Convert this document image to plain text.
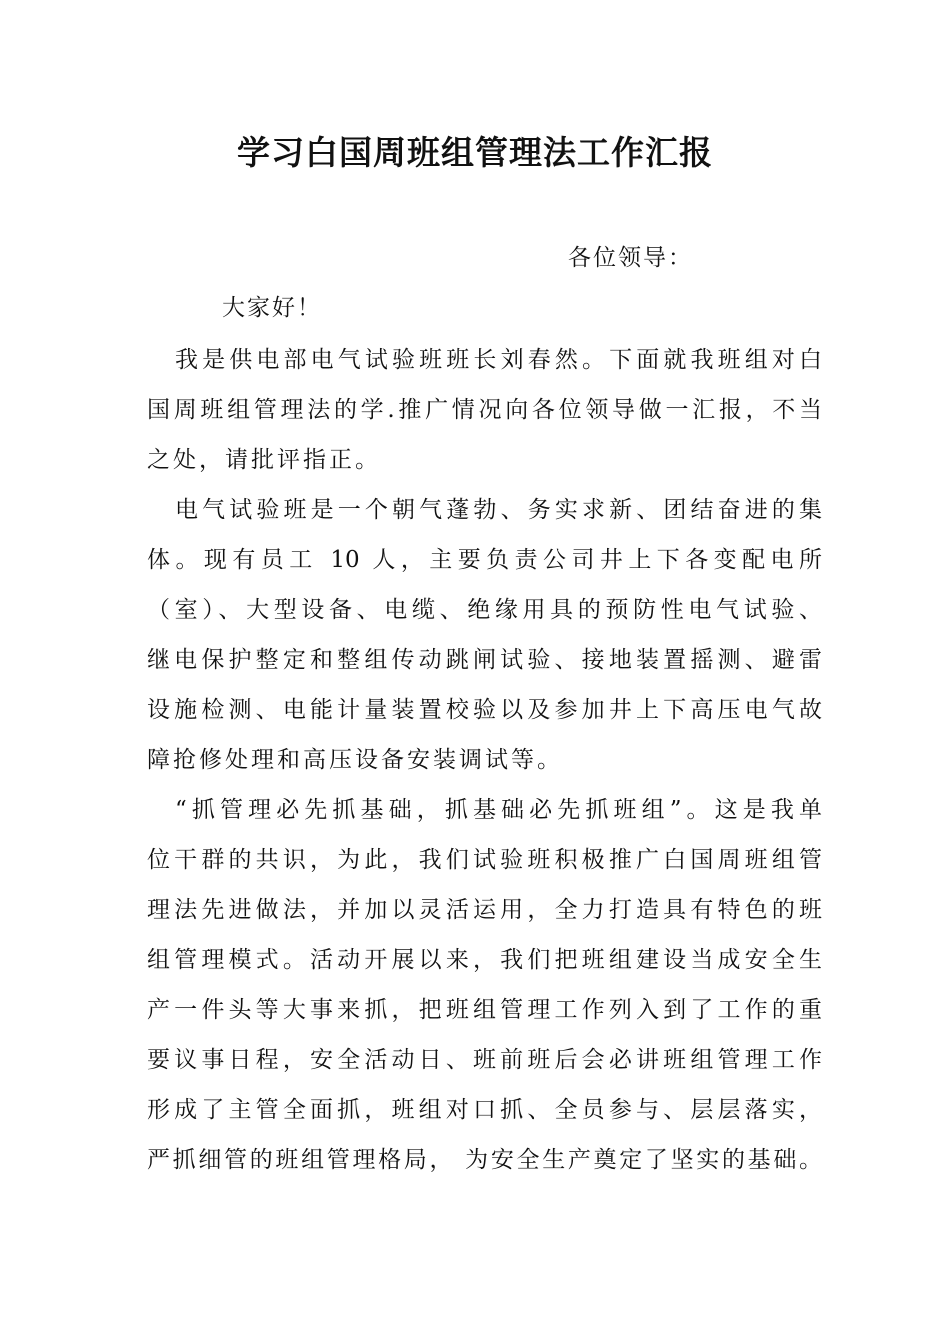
学习白国周班组管理法工作汇报
各位领导：
大家好！
我是供电部电气试验班班长刘春然。下面就我班组对白
国周班组管理法的学.推广情况向各位领导做一汇报，不当
之处，请批评指正。
电气试验班是一个朝气蓬勃、务实求新、团结奋进的集
体。现有员工 10 人，主要负责公司井上下各变配电所
（室）、大型设备、电缆、绝缘用具的预防性电气试验、
继电保护整定和整组传动跳闸试验、接地装置摇测、避雷
设施检测、电能计量装置校验以及参加井上下高压电气故
障抢修处理和高压设备安装调试等。
“抓管理必先抓基础，抓基础必先抓班组”。这是我单
位干群的共识，为此，我们试验班积极推广白国周班组管
理法先进做法，并加以灵活运用，全力打造具有特色的班
组管理模式。活动开展以来，我们把班组建设当成安全生
产一件头等大事来抓，把班组管理工作列入到了工作的重
要议事日程，安全活动日、班前班后会必讲班组管理工作
形成了主管全面抓，班组对口抓、全员参与、层层落实，
严抓细管的班组管理格局， 为安全生产奠定了坚实的基础。
